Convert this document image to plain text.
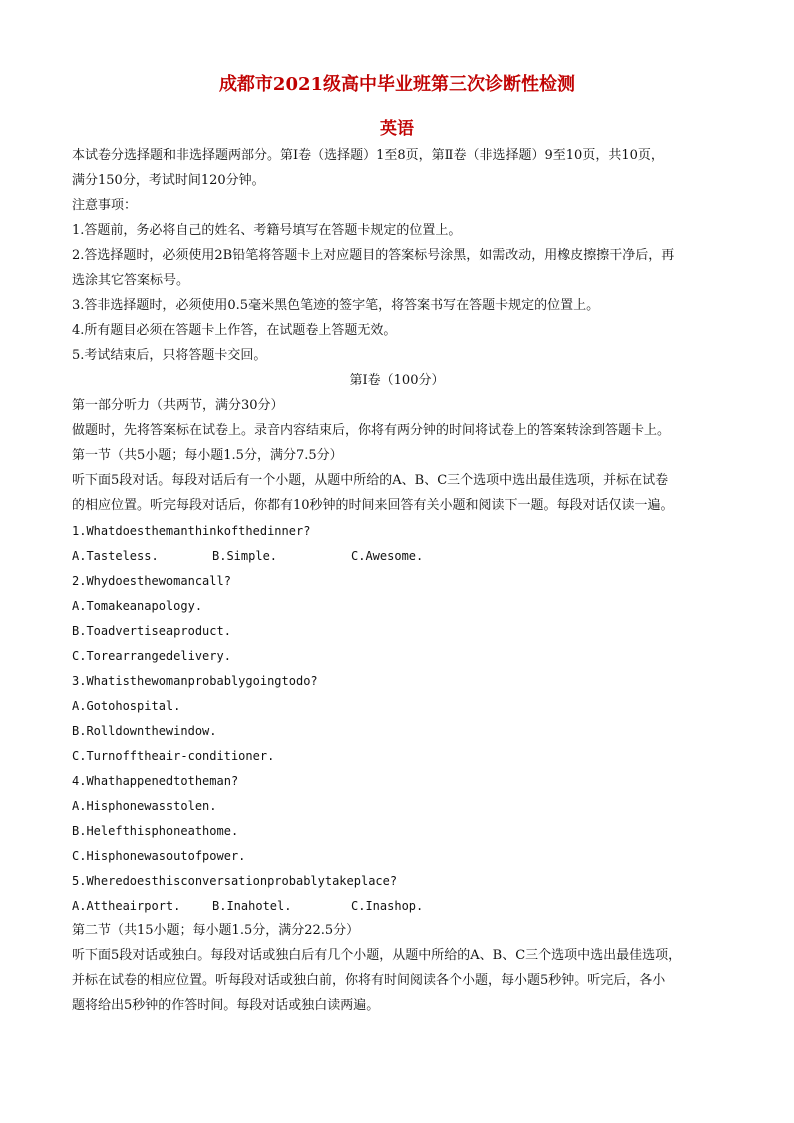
成都市2021级高中毕业班第三次诊断性检测
英语
本试卷分选择题和非选择题两部分。第Ⅰ卷（选择题）1至8页，第Ⅱ卷（非选择题）9至10页，共10页，
满分150分，考试时间120分钟。
注意事项：
1.答题前，务必将自己的姓名、考籍号填写在答题卡规定的位置上。
2.答选择题时，必须使用2B铅笔将答题卡上对应题目的答案标号涂黑，如需改动，用橡皮擦擦干净后，再
选涂其它答案标号。
3.答非选择题时，必须使用0.5毫米黑色笔迹的签字笔，将答案书写在答题卡规定的位置上。
4.所有题目必须在答题卡上作答，在试题卷上答题无效。
5.考试结束后，只将答题卡交回。
第Ⅰ卷（100分）
第一部分听力（共两节，满分30分）
做题时，先将答案标在试卷上。录音内容结束后，你将有两分钟的时间将试卷上的答案转涂到答题卡上。
第一节（共5小题；每小题1.5分，满分7.5分）
听下面5段对话。每段对话后有一个小题，从题中所给的A、B、C三个选项中选出最佳选项，并标在试卷
的相应位置。听完每段对话后，你都有10秒钟的时间来回答有关小题和阅读下一题。每段对话仅读一遍。
1.Whatdoesthemanthinkofthedinner?
A.Tasteless.	B.Simple.	C.Awesome.
2.Whydoesthewomancall?
A.Tomakeanapology.
B.Toadvertiseaproduct.
C.Torearrangedelivery.
3.Whatisthewomanprobablygoingtodo?
A.Gotohospital.
B.Rolldownthewindow.
C.Turnofftheair-conditioner.
4.Whathappenedtotheman?
A.Hisphonewasstolen.
B.Helefthisphoneathome.
C.Hisphonewasoutofpower.
5.Wheredoesthisconversationprobablytakeplace?
A.Attheairport.	B.Inahotel.	C.Inashop.
第二节（共15小题；每小题1.5分，满分22.5分）
听下面5段对话或独白。每段对话或独白后有几个小题，从题中所给的A、B、C三个选项中选出最佳选项，
并标在试卷的相应位置。听每段对话或独白前，你将有时间阅读各个小题，每小题5秒钟。听完后，各小
题将给出5秒钟的作答时间。每段对话或独白读两遍。
